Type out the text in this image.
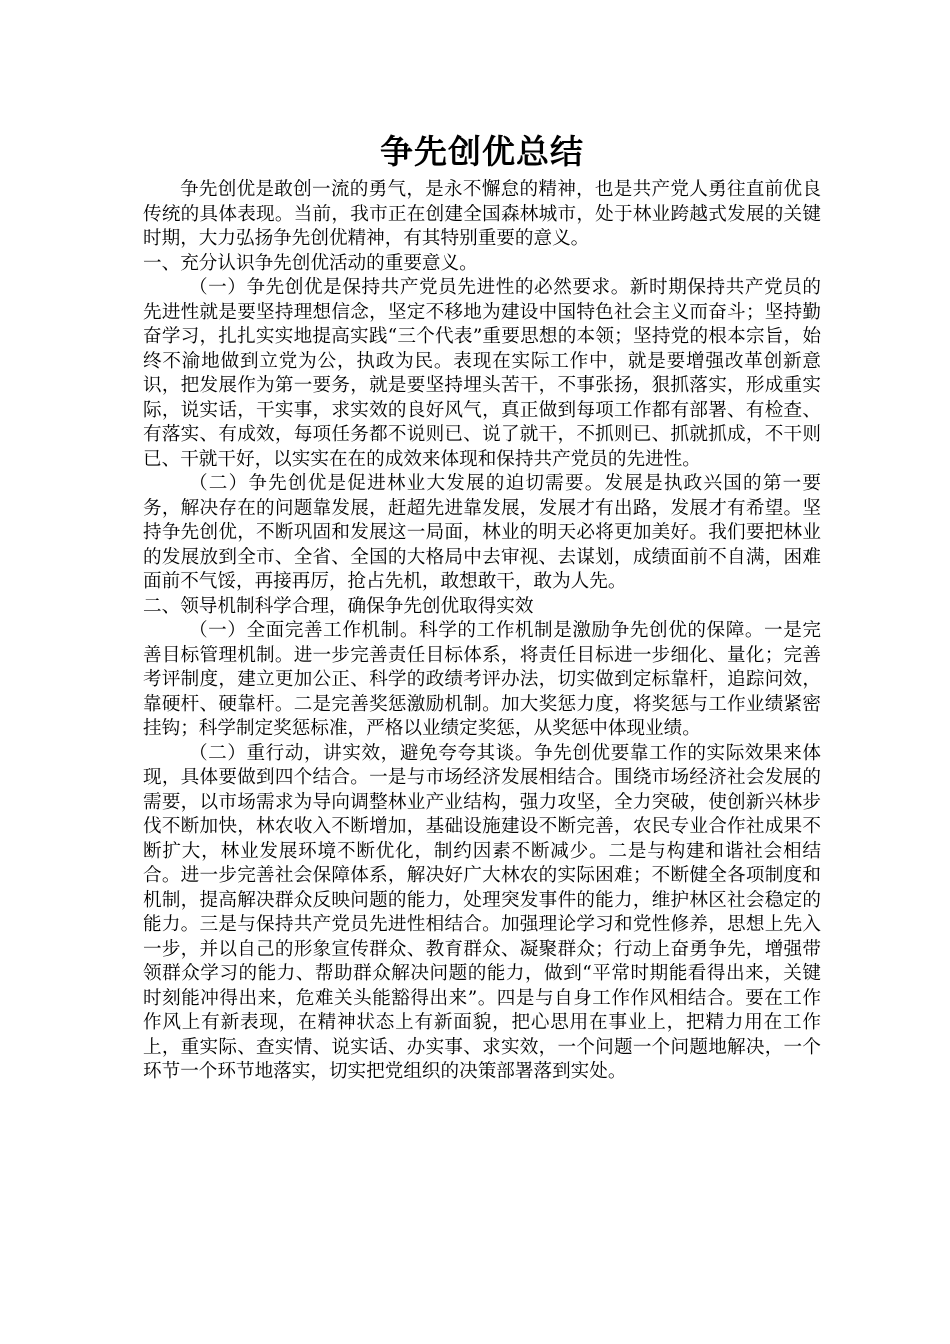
争先创优总结

争先创优是敢创一流的勇气，是永不懈怠的精神，也是共产党人勇往直前优良传统的具体表现。当前，我市正在创建全国森林城市，处于林业跨越式发展的关键时期，大力弘扬争先创优精神，有其特别重要的意义。

一、充分认识争先创优活动的重要意义。

（一）争先创优是保持共产党员先进性的必然要求。新时期保持共产党员的先进性就是要坚持理想信念，坚定不移地为建设中国特色社会主义而奋斗；坚持勤奋学习，扎扎实实地提高实践“三个代表”重要思想的本领；坚持党的根本宗旨，始终不渝地做到立党为公，执政为民。表现在实际工作中，就是要增强改革创新意识，把发展作为第一要务，就是要坚持埋头苦干，不事张扬，狠抓落实，形成重实际，说实话，干实事，求实效的良好风气，真正做到每项工作都有部署、有检查、有落实、有成效，每项任务都不说则已、说了就干，不抓则已、抓就抓成，不干则已、干就干好，以实实在在的成效来体现和保持共产党员的先进性。

（二）争先创优是促进林业大发展的迫切需要。发展是执政兴国的第一要务，解决存在的问题靠发展，赶超先进靠发展，发展才有出路，发展才有希望。坚持争先创优，不断巩固和发展这一局面，林业的明天必将更加美好。我们要把林业的发展放到全市、全省、全国的大格局中去审视、去谋划，成绩面前不自满，困难面前不气馁，再接再厉，抢占先机，敢想敢干，敢为人先。

二、领导机制科学合理，确保争先创优取得实效

（一）全面完善工作机制。科学的工作机制是激励争先创优的保障。一是完善目标管理机制。进一步完善责任目标体系，将责任目标进一步细化、量化；完善考评制度，建立更加公正、科学的政绩考评办法，切实做到定标靠杆，追踪问效，靠硬杆、硬靠杆。二是完善奖惩激励机制。加大奖惩力度，将奖惩与工作业绩紧密挂钩；科学制定奖惩标准，严格以业绩定奖惩，从奖惩中体现业绩。

（二）重行动，讲实效，避免夸夸其谈。争先创优要靠工作的实际效果来体现，具体要做到四个结合。一是与市场经济发展相结合。围绕市场经济社会发展的需要，以市场需求为导向调整林业产业结构，强力攻坚，全力突破，使创新兴林步伐不断加快，林农收入不断增加，基础设施建设不断完善，农民专业合作社成果不断扩大，林业发展环境不断优化，制约因素不断减少。二是与构建和谐社会相结合。进一步完善社会保障体系，解决好广大林农的实际困难；不断健全各项制度和机制，提高解决群众反映问题的能力，处理突发事件的能力，维护林区社会稳定的能力。三是与保持共产党员先进性相结合。加强理论学习和党性修养，思想上先入一步，并以自己的形象宣传群众、教育群众、凝聚群众；行动上奋勇争先，增强带领群众学习的能力、帮助群众解决问题的能力，做到“平常时期能看得出来，关键时刻能冲得出来，危难关头能豁得出来”。四是与自身工作作风相结合。要在工作作风上有新表现，在精神状态上有新面貌，把心思用在事业上，把精力用在工作上，重实际、查实情、说实话、办实事、求实效，一个问题一个问题地解决，一个环节一个环节地落实，切实把党组织的决策部署落到实处。
